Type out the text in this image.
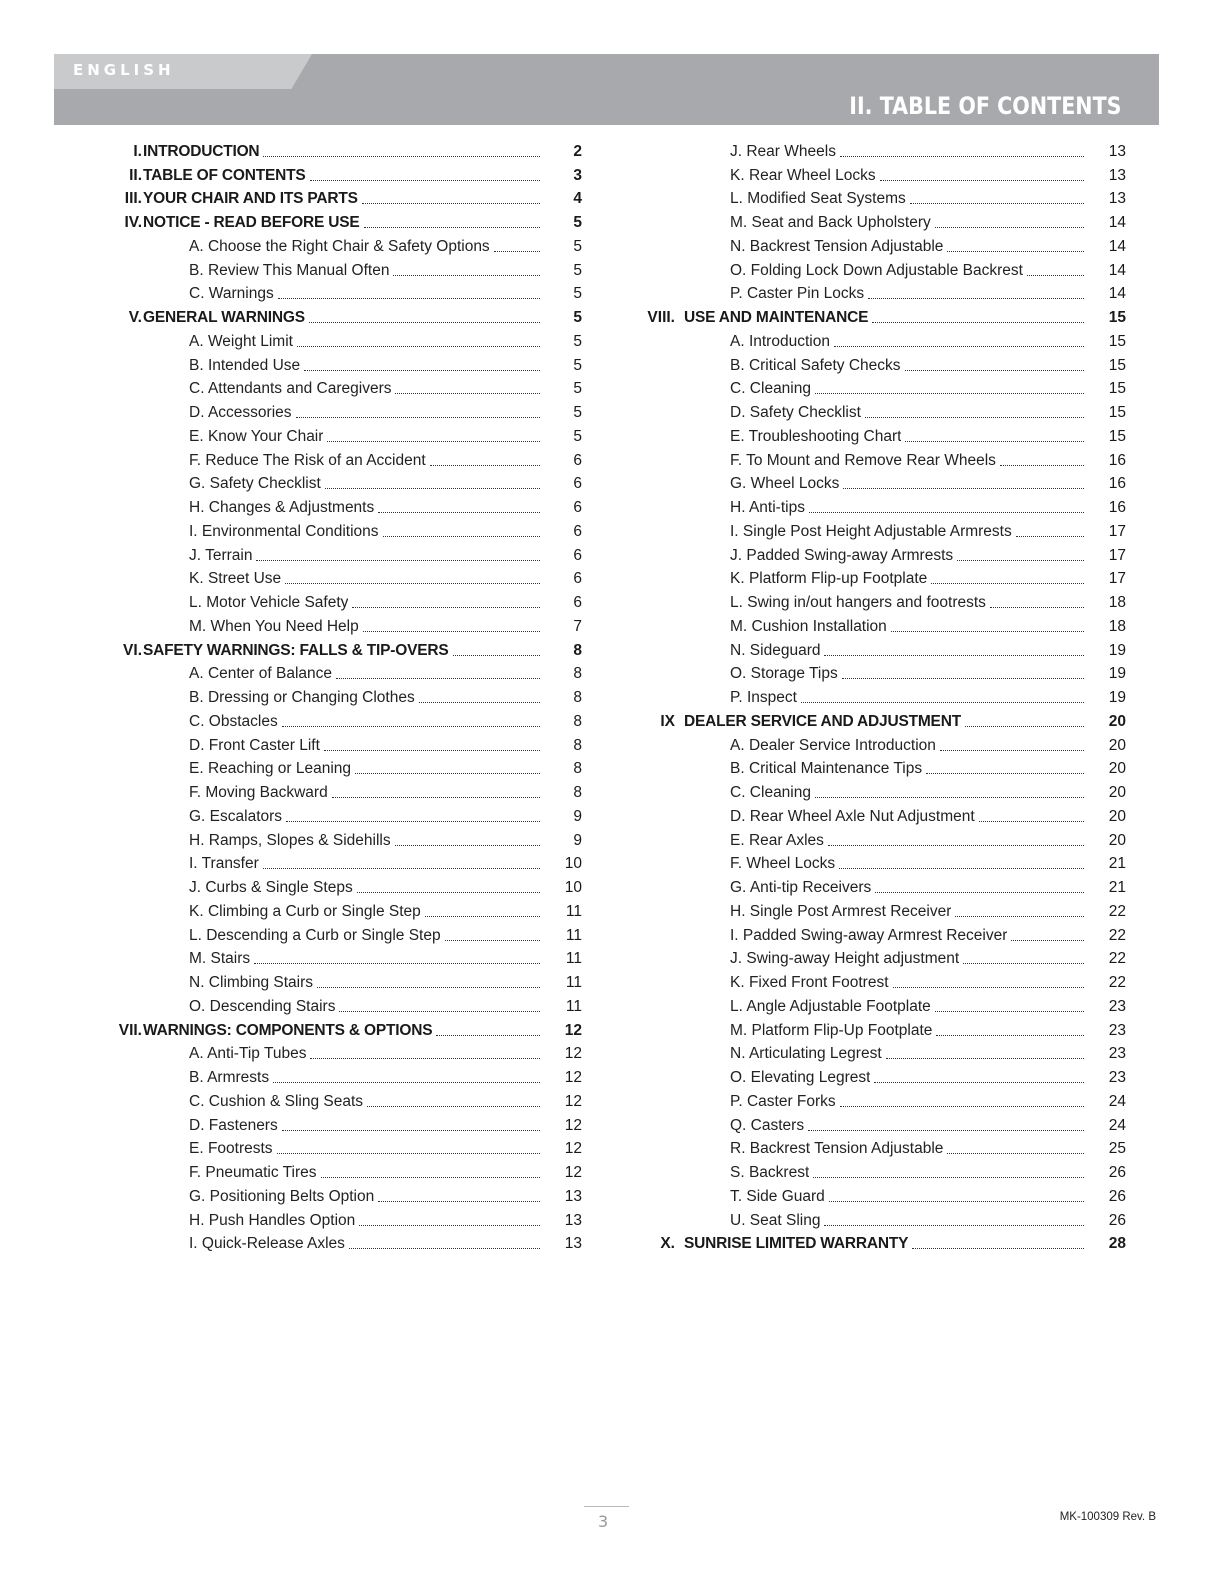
ENGLISH
II. TABLE OF CONTENTS
I. INTRODUCTION	2
II. TABLE OF CONTENTS	3
III. YOUR CHAIR AND ITS PARTS	4
IV. NOTICE - READ BEFORE USE	5
A. Choose the Right Chair & Safety Options	5
B. Review This Manual Often	5
C. Warnings	5
V. GENERAL WARNINGS	5
A. Weight Limit	5
B. Intended Use	5
C. Attendants and Caregivers	5
D. Accessories	5
E. Know Your Chair	5
F. Reduce The Risk of an Accident	6
G. Safety Checklist	6
H. Changes & Adjustments	6
I. Environmental Conditions	6
J. Terrain	6
K. Street Use	6
L. Motor Vehicle Safety	6
M. When You Need Help	7
VI. SAFETY WARNINGS: FALLS & TIP-OVERS	8
A. Center of Balance	8
B. Dressing or Changing Clothes	8
C. Obstacles	8
D. Front Caster Lift	8
E. Reaching or Leaning	8
F. Moving Backward	8
G. Escalators	9
H. Ramps, Slopes & Sidehills	9
I. Transfer	10
J. Curbs & Single Steps	10
K. Climbing a Curb or Single Step	11
L. Descending a Curb or Single Step	11
M. Stairs	11
N. Climbing Stairs	11
O. Descending Stairs	11
VII. WARNINGS: COMPONENTS & OPTIONS	12
A. Anti-Tip Tubes	12
B. Armrests	12
C. Cushion & Sling Seats	12
D. Fasteners	12
E. Footrests	12
F. Pneumatic Tires	12
G. Positioning Belts Option	13
H. Push Handles Option	13
I. Quick-Release Axles	13
J. Rear Wheels	13
K. Rear Wheel Locks	13
L. Modified Seat Systems	13
M. Seat and Back Upholstery	14
N. Backrest Tension Adjustable	14
O. Folding Lock Down Adjustable Backrest	14
P. Caster Pin Locks	14
VIII. USE AND MAINTENANCE	15
A. Introduction	15
B. Critical Safety Checks	15
C. Cleaning	15
D. Safety Checklist	15
E. Troubleshooting Chart	15
F. To Mount and Remove Rear Wheels	16
G. Wheel Locks	16
H. Anti-tips	16
I. Single Post Height Adjustable Armrests	17
J. Padded Swing-away Armrests	17
K. Platform Flip-up Footplate	17
L. Swing in/out hangers and footrests	18
M. Cushion Installation	18
N. Sideguard	19
O. Storage Tips	19
P. Inspect	19
IX DEALER SERVICE AND ADJUSTMENT	20
A. Dealer Service Introduction	20
B. Critical Maintenance Tips	20
C. Cleaning	20
D. Rear Wheel Axle Nut Adjustment	20
E. Rear Axles	20
F. Wheel Locks	21
G. Anti-tip Receivers	21
H. Single Post Armrest Receiver	22
I. Padded Swing-away Armrest Receiver	22
J. Swing-away Height adjustment	22
K. Fixed Front Footrest	22
L. Angle Adjustable Footplate	23
M. Platform Flip-Up Footplate	23
N. Articulating Legrest	23
O. Elevating Legrest	23
P. Caster Forks	24
Q. Casters	24
R. Backrest Tension Adjustable	25
S. Backrest	26
T. Side Guard	26
U. Seat Sling	26
X. SUNRISE LIMITED WARRANTY	28
3	MK-100309 Rev. B
